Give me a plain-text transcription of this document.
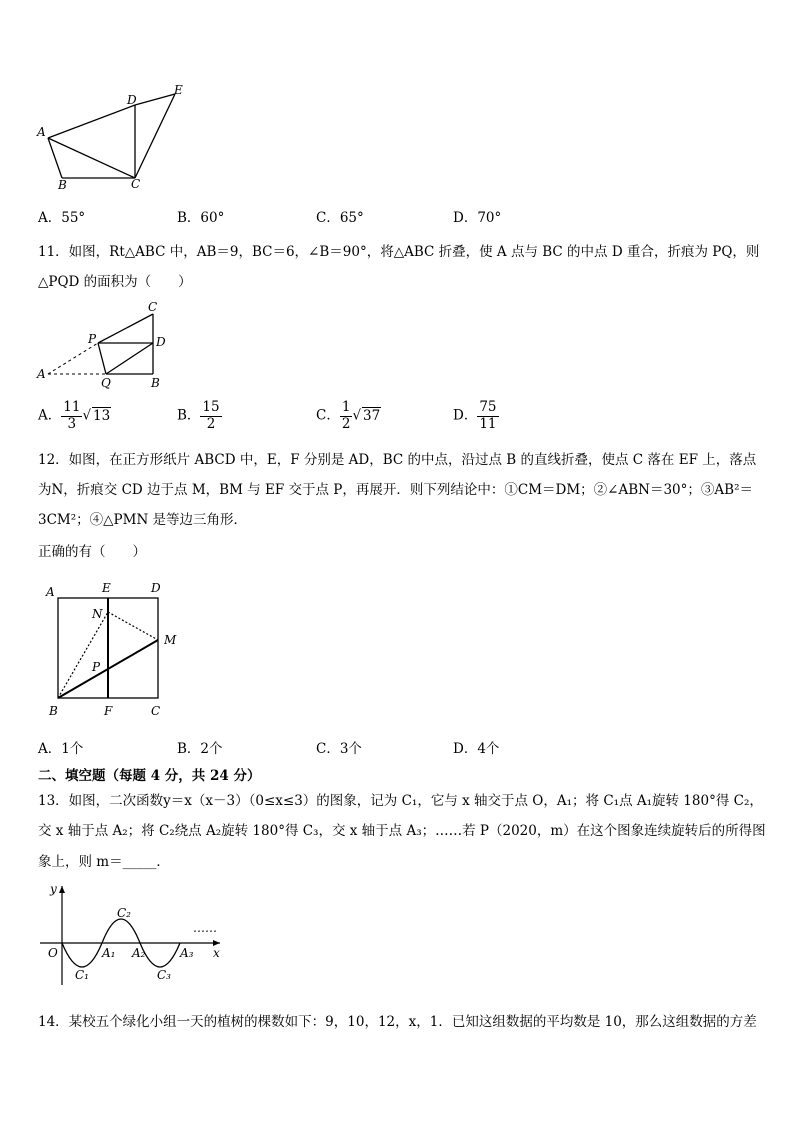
A
B	C
D
E
A．55°	B．60°	C．65°	D．70°
11．如图，Rt△ABC 中，AB＝9，BC＝6，∠B＝90°，将△ABC 折叠，使 A 点与 BC 的中点 D 重合，折痕为 PQ，则
△PQD 的面积为（　　）
C
D
B
P
Q
A
A． $\frac{11}{3}$ √ 13	B． $\frac{15}{2}$	C． $\frac{1}{2}$ √ 37	D． $\frac{75}{11}$
12．如图，在正方形纸片 ABCD 中，E，F 分别是 AD，BC 的中点，沿过点 B 的直线折叠，使点 C 落在 EF 上，落点
为N，折痕交 CD 边于点 M，BM 与 EF 交于点 P，再展开．则下列结论中：①CM＝DM；②∠ABN＝30°；③AB²＝
3CM²；④△PMN 是等边三角形．
正确的有（　　）
A	E	D
N
M
P
B	F	C
A．1个	B．2个	C．3个	D．4个
二、填空题（每题 4 分，共 24 分）
13．如图，二次函数y＝x（x－3）（0≤x≤3）的图象，记为 C₁，它与 x 轴交于点 O，A₁；将 C₁点 A₁旋转 180°得 C₂，
交 x 轴于点 A₂；将 C₂绕点 A₂旋转 180°得 C₃，交 x 轴于点 A₃；……若 P（2020，m）在这个图象连续旋转后的所得图
象上，则 m＝_____．
y
x
O	A₁ A₂	A₃
C₁
C₂
C₃
……
14．某校五个绿化小组一天的植树的棵数如下：9，10，12，x，1．已知这组数据的平均数是 10，那么这组数据的方差
